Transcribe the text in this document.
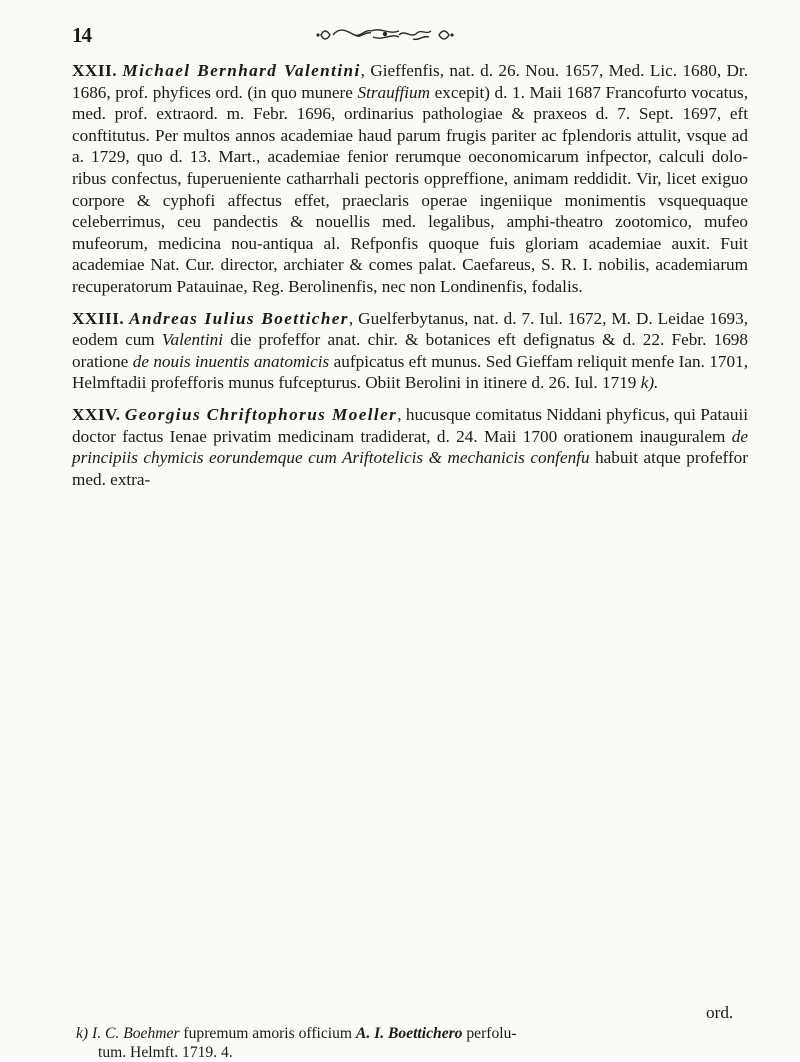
14

XXII. Michael Bernhard Valentini, Gieffenfis, nat. d. 26. Nou. 1657, Med. Lic. 1680, Dr. 1686, prof. phyfices ord. (in quo munere Strauffium excepit) d. 1. Maii 1687 Francofurto vocatus, med. prof. extraord. m. Febr. 1696, ordinarius pathologiae & praxeos d. 7. Sept. 1697, eft conftitutus. Per multos annos academiae haud parum frugis pariter ac fplendoris attulit, vsque ad a. 1729, quo d. 13. Mart., academiae fenior rerumque oeconomicarum infpector, calculi dolo-ribus confectus, fuperueniente catharrhali pectoris oppreffione, animam reddidit. Vir, licet exiguo corpore & cyphofi affectus effet, praeclaris operae ingeniique monimentis vsquequaque celeberrimus, ceu pandectis & nouellis med. legalibus, amphi-theatro zootomico, mufeo mufeorum, medicina nou-antiqua al. Refponfis quoque fuis gloriam academiae auxit. Fuit academiae Nat. Cur. director, archiater & comes palat. Caefareus, S. R. I. nobilis, academiarum recuperatorum Patauinae, Reg. Berolinenfis, nec non Londinenfis, fodalis.

XXIII. Andreas Iulius Boetticher, Guelferbytanus, nat. d. 7. Iul. 1672, M. D. Leidae 1693, eodem cum Valentini die profeffor anat. chir. & botanices eft defignatus & d. 22. Febr. 1698 oratione de nouis inuentis anatomicis aufpicatus eft munus. Sed Gieffam reliquit menfe Ian. 1701, Helmftadii profefforis munus fufcepturus. Obiit Berolini in itinere d. 26. Iul. 1719 k).

XXIV. Georgius Chriftophorus Moeller, hucusque comitatus Niddani phyficus, qui Patauii doctor factus Ienae privatim medicinam tradiderat, d. 24. Maii 1700 orationem inauguralem de principiis chymicis eorundemque cum Ariftotelicis & mechanicis confenfu habuit atque profeffor med. extra-

ord.
k) I. C. Boehmer fupremum amoris officium A. I. Boettichero perfolu-
tum. Helmft. 1719. 4.
